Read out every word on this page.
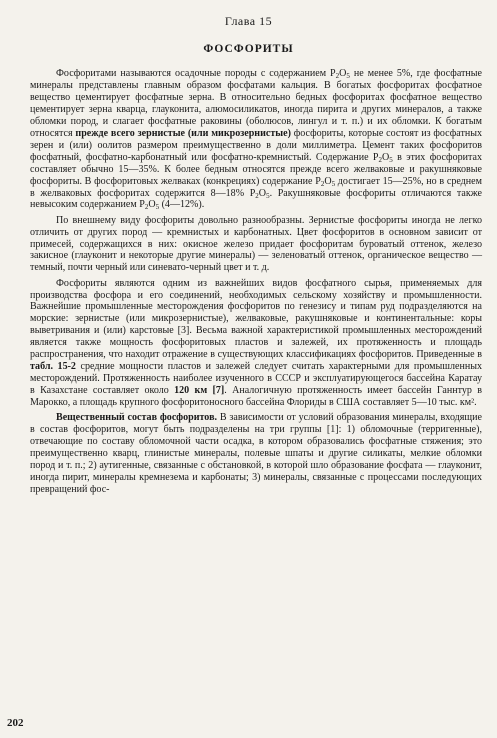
Глава 15
ФОСФОРИТЫ

Фосфоритами называются осадочные породы с содержанием $P_2O_5$ не менее 5%, где фосфатные минералы представлены главным образом фосфатами кальция. В богатых фосфоритах фосфатное вещество цементирует фосфатные зерна. В относительно бедных фосфоритах фосфатное вещество цементирует зерна кварца, глауконита, алюмосиликатов, иногда пирита и других минералов, а также обломки пород, и слагает фосфатные раковины (оболюсов, лингул и т. п.) и их обломки. К богатым относятся прежде всего зернистые (или микрозернистые) фосфориты, которые состоят из фосфатных зерен и (или) оолитов размером преимущественно в доли миллиметра. Цемент таких фосфоритов фосфатный, фосфатно-карбонатный или фосфатно-кремнистый. Содержание $P_2O_5$ в этих фосфоритах составляет обычно 15—35%. К более бедным относятся прежде всего желваковые и ракушняковые фосфориты. В фосфоритовых желваках (конкрециях) содержание $P_2O_5$ достигает 15—25%, но в среднем в желваковых фосфоритах содержится 8—18% $P_2O_5$. Ракушняковые фосфориты отличаются также невысоким содержанием $P_2O_5$ (4—12%).

По внешнему виду фосфориты довольно разнообразны. Зернистые фосфориты иногда не легко отличить от других пород — кремнистых и карбонатных. Цвет фосфоритов в основном зависит от примесей, содержащихся в них: окисное железо придает фосфоритам буроватый оттенок, железо закисное (глауконит и некоторые другие минералы) — зеленоватый оттенок, органическое вещество — темный, почти черный или синевато-черный цвет и т. д.

Фосфориты являются одним из важнейших видов фосфатного сырья, применяемых для производства фосфора и его соединений, необходимых сельскому хозяйству и промышленности. Важнейшие промышленные месторождения фосфоритов по генезису и типам руд подразделяются на морские: зернистые (или микрозернистые), желваковые, ракушняковые и континентальные: коры выветривания и (или) карстовые [3]. Весьма важной характеристикой промышленных месторождений является также мощность фосфоритовых пластов и залежей, их протяженность и площадь распространения, что находит отражение в существующих классификациях фосфоритов. Приведенные в табл. 15-2 средние мощности пластов и залежей следует считать характерными для промышленных месторождений. Протяженность наиболее изученного в СССР и эксплуатирующегося бассейна Каратау в Казахстане составляет около 120 км [7]. Аналогичную протяженность имеет бассейн Ганнтур в Марокко, а площадь крупного фосфоритоносного бассейна Флориды в США составляет 5—10 тыс. км².

Вещественный состав фосфоритов. В зависимости от условий образования минералы, входящие в состав фосфоритов, могут быть подразделены на три группы [1]: 1) обломочные (терригенные), отвечающие по составу обломочной части осадка, в котором образовались фосфатные стяжения; это преимущественно кварц, глинистые минералы, полевые шпаты и другие силикаты, мелкие обломки пород и т. п.; 2) аутигенные, связанные с обстановкой, в которой шло образование фосфата — глауконит, иногда пирит, минералы кремнезема и карбонаты; 3) минералы, связанные с процессами последующих превращений фос-

202
